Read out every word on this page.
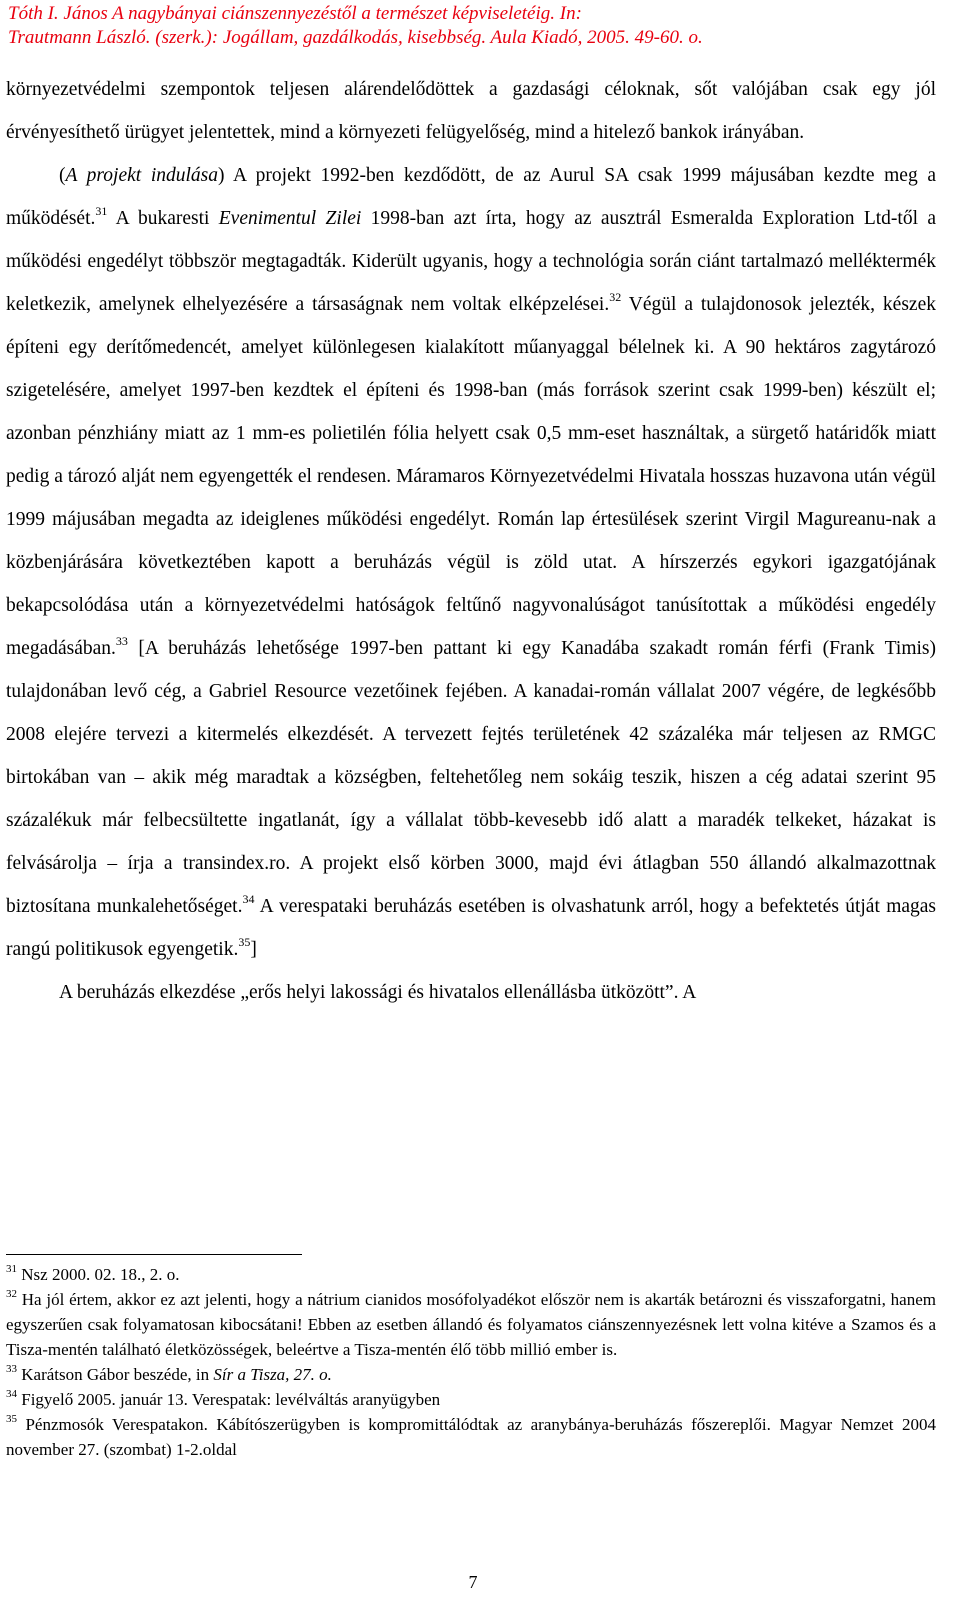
Tóth I. János A nagybányai ciánszennyezéstől a természet képviseletéig. In:
Trautmann László. (szerk.): Jogállam, gazdálkodás, kisebbség. Aula Kiadó, 2005. 49-60. o.

környezetvédelmi szempontok teljesen alárendelődöttek a gazdasági céloknak, sőt valójában csak egy jól érvényesíthető ürügyet jelentettek, mind a környezeti felügyelőség, mind a hitelező bankok irányában.

(A projekt indulása) A projekt 1992-ben kezdődött, de az Aurul SA csak 1999 májusában kezdte meg a működését.$^{31}$ A bukaresti Evenimentul Zilei 1998-ban azt írta, hogy az ausztrál Esmeralda Exploration Ltd-től a működési engedélyt többször megtagadták. Kiderült ugyanis, hogy a technológia során ciánt tartalmazó melléktermék keletkezik, amelynek elhelyezésére a társaságnak nem voltak elképzelései.$^{32}$ Végül a tulajdonosok jelezték, készek építeni egy derítőmedencét, amelyet különlegesen kialakított műanyaggal bélelnek ki. A 90 hektáros zagytározó szigetelésére, amelyet 1997-ben kezdtek el építeni és 1998-ban (más források szerint csak 1999-ben) készült el; azonban pénzhiány miatt az 1 mm-es polietilén fólia helyett csak 0,5 mm-eset használtak, a sürgető határidők miatt pedig a tározó alját nem egyengették el rendesen. Máramaros Környezetvédelmi Hivatala hosszas huzavona után végül 1999 májusában megadta az ideiglenes működési engedélyt. Román lap értesülések szerint Virgil Magureanu-nak a közbenjárására következtében kapott a beruházás végül is zöld utat. A hírszerzés egykori igazgatójának bekapcsolódása után a környezetvédelmi hatóságok feltűnő nagyvonalúságot tanúsítottak a működési engedély megadásában.$^{33}$ [A beruházás lehetősége 1997-ben pattant ki egy Kanadába szakadt román férfi (Frank Timis) tulajdonában levő cég, a Gabriel Resource vezetőinek fejében. A kanadai-román vállalat 2007 végére, de legkésőbb 2008 elejére tervezi a kitermelés elkezdését. A tervezett fejtés területének 42 százaléka már teljesen az RMGC birtokában van – akik még maradtak a községben, feltehetőleg nem sokáig teszik, hiszen a cég adatai szerint 95 százalékuk már felbecsültette ingatlanát, így a vállalat több-kevesebb idő alatt a maradék telkeket, házakat is felvásárolja – írja a transindex.ro. A projekt első körben 3000, majd évi átlagban 550 állandó alkalmazottnak biztosítana munkalehetőséget.$^{34}$ A verespataki beruházás esetében is olvashatunk arról, hogy a befektetés útját magas rangú politikusok egyengetik.$^{35}$]

A beruházás elkezdése „erős helyi lakossági és hivatalos ellenállásba ütközött”. A

$^{31}$ Nsz 2000. 02. 18., 2. o.

$^{32}$ Ha jól értem, akkor ez azt jelenti, hogy a nátrium cianidos mosófolyadékot először nem is akarták betározni és visszaforgatni, hanem egyszerűen csak folyamatosan kibocsátani! Ebben az esetben állandó és folyamatos ciánszennyezésnek lett volna kitéve a Szamos és a Tisza-mentén található életközösségek, beleértve a Tisza-mentén élő több millió ember is.

$^{33}$ Karátson Gábor beszéde, in Sír a Tisza, 27. o.

$^{34}$ Figyelő 2005. január 13. Verespatak: levélváltás aranyügyben

$^{35}$ Pénzmosók Verespatakon. Kábítószerügyben is kompromittálódtak az aranybánya-beruházás főszereplői. Magyar Nemzet 2004 november 27. (szombat) 1-2.oldal

7
